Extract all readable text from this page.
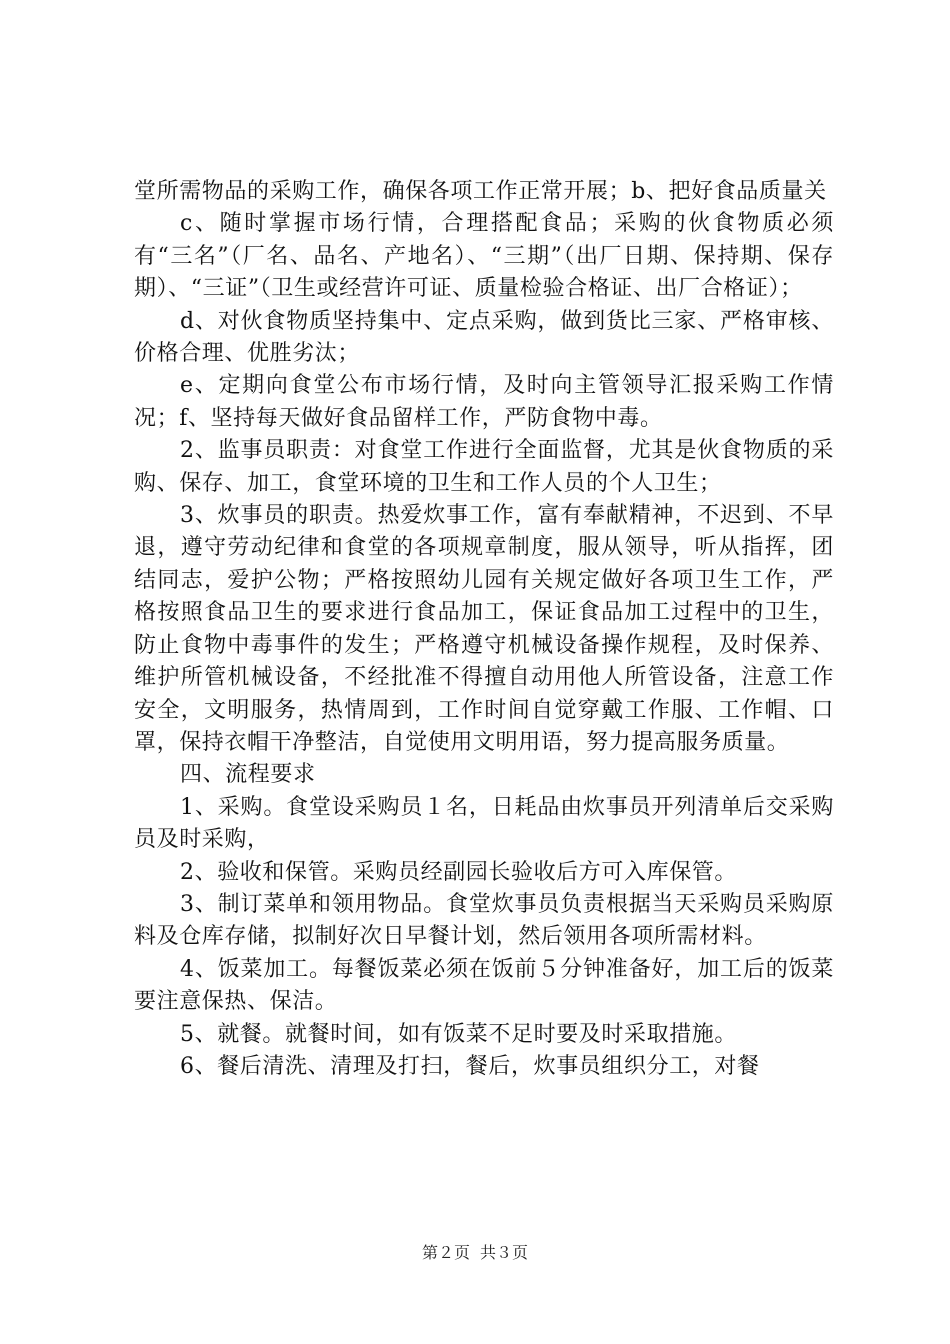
堂所需物品的采购工作，确保各项工作正常开展；b、把好食品质量关

c、随时掌握市场行情，合理搭配食品；采购的伙食物质必须有“三名”（厂名、品名、产地名）、“三期”（出厂日期、保持期、保存期）、“三证”（卫生或经营许可证、质量检验合格证、出厂合格证）；

d、对伙食物质坚持集中、定点采购，做到货比三家、严格审核、价格合理、优胜劣汰；

e、定期向食堂公布市场行情，及时向主管领导汇报采购工作情况；f、坚持每天做好食品留样工作，严防食物中毒。

2、监事员职责：对食堂工作进行全面监督，尤其是伙食物质的采购、保存、加工，食堂环境的卫生和工作人员的个人卫生；

3、炊事员的职责。热爱炊事工作，富有奉献精神，不迟到、不早退，遵守劳动纪律和食堂的各项规章制度，服从领导，听从指挥，团结同志，爱护公物；严格按照幼儿园有关规定做好各项卫生工作，严格按照食品卫生的要求进行食品加工，保证食品加工过程中的卫生，防止食物中毒事件的发生；严格遵守机械设备操作规程，及时保养、维护所管机械设备，不经批准不得擅自动用他人所管设备，注意工作安全，文明服务，热情周到，工作时间自觉穿戴工作服、工作帽、口罩，保持衣帽干净整洁，自觉使用文明用语，努力提高服务质量。

四、流程要求

1、采购。食堂设采购员１名，日耗品由炊事员开列清单后交采购员及时采购，

2、验收和保管。采购员经副园长验收后方可入库保管。

3、制订菜单和领用物品。食堂炊事员负责根据当天采购员采购原料及仓库存储，拟制好次日早餐计划，然后领用各项所需材料。

4、饭菜加工。每餐饭菜必须在饭前５分钟准备好，加工后的饭菜要注意保热、保洁。

5、就餐。就餐时间，如有饭菜不足时要及时采取措施。

6、餐后清洗、清理及打扫，餐后，炊事员组织分工，对餐

第２页 共３页
